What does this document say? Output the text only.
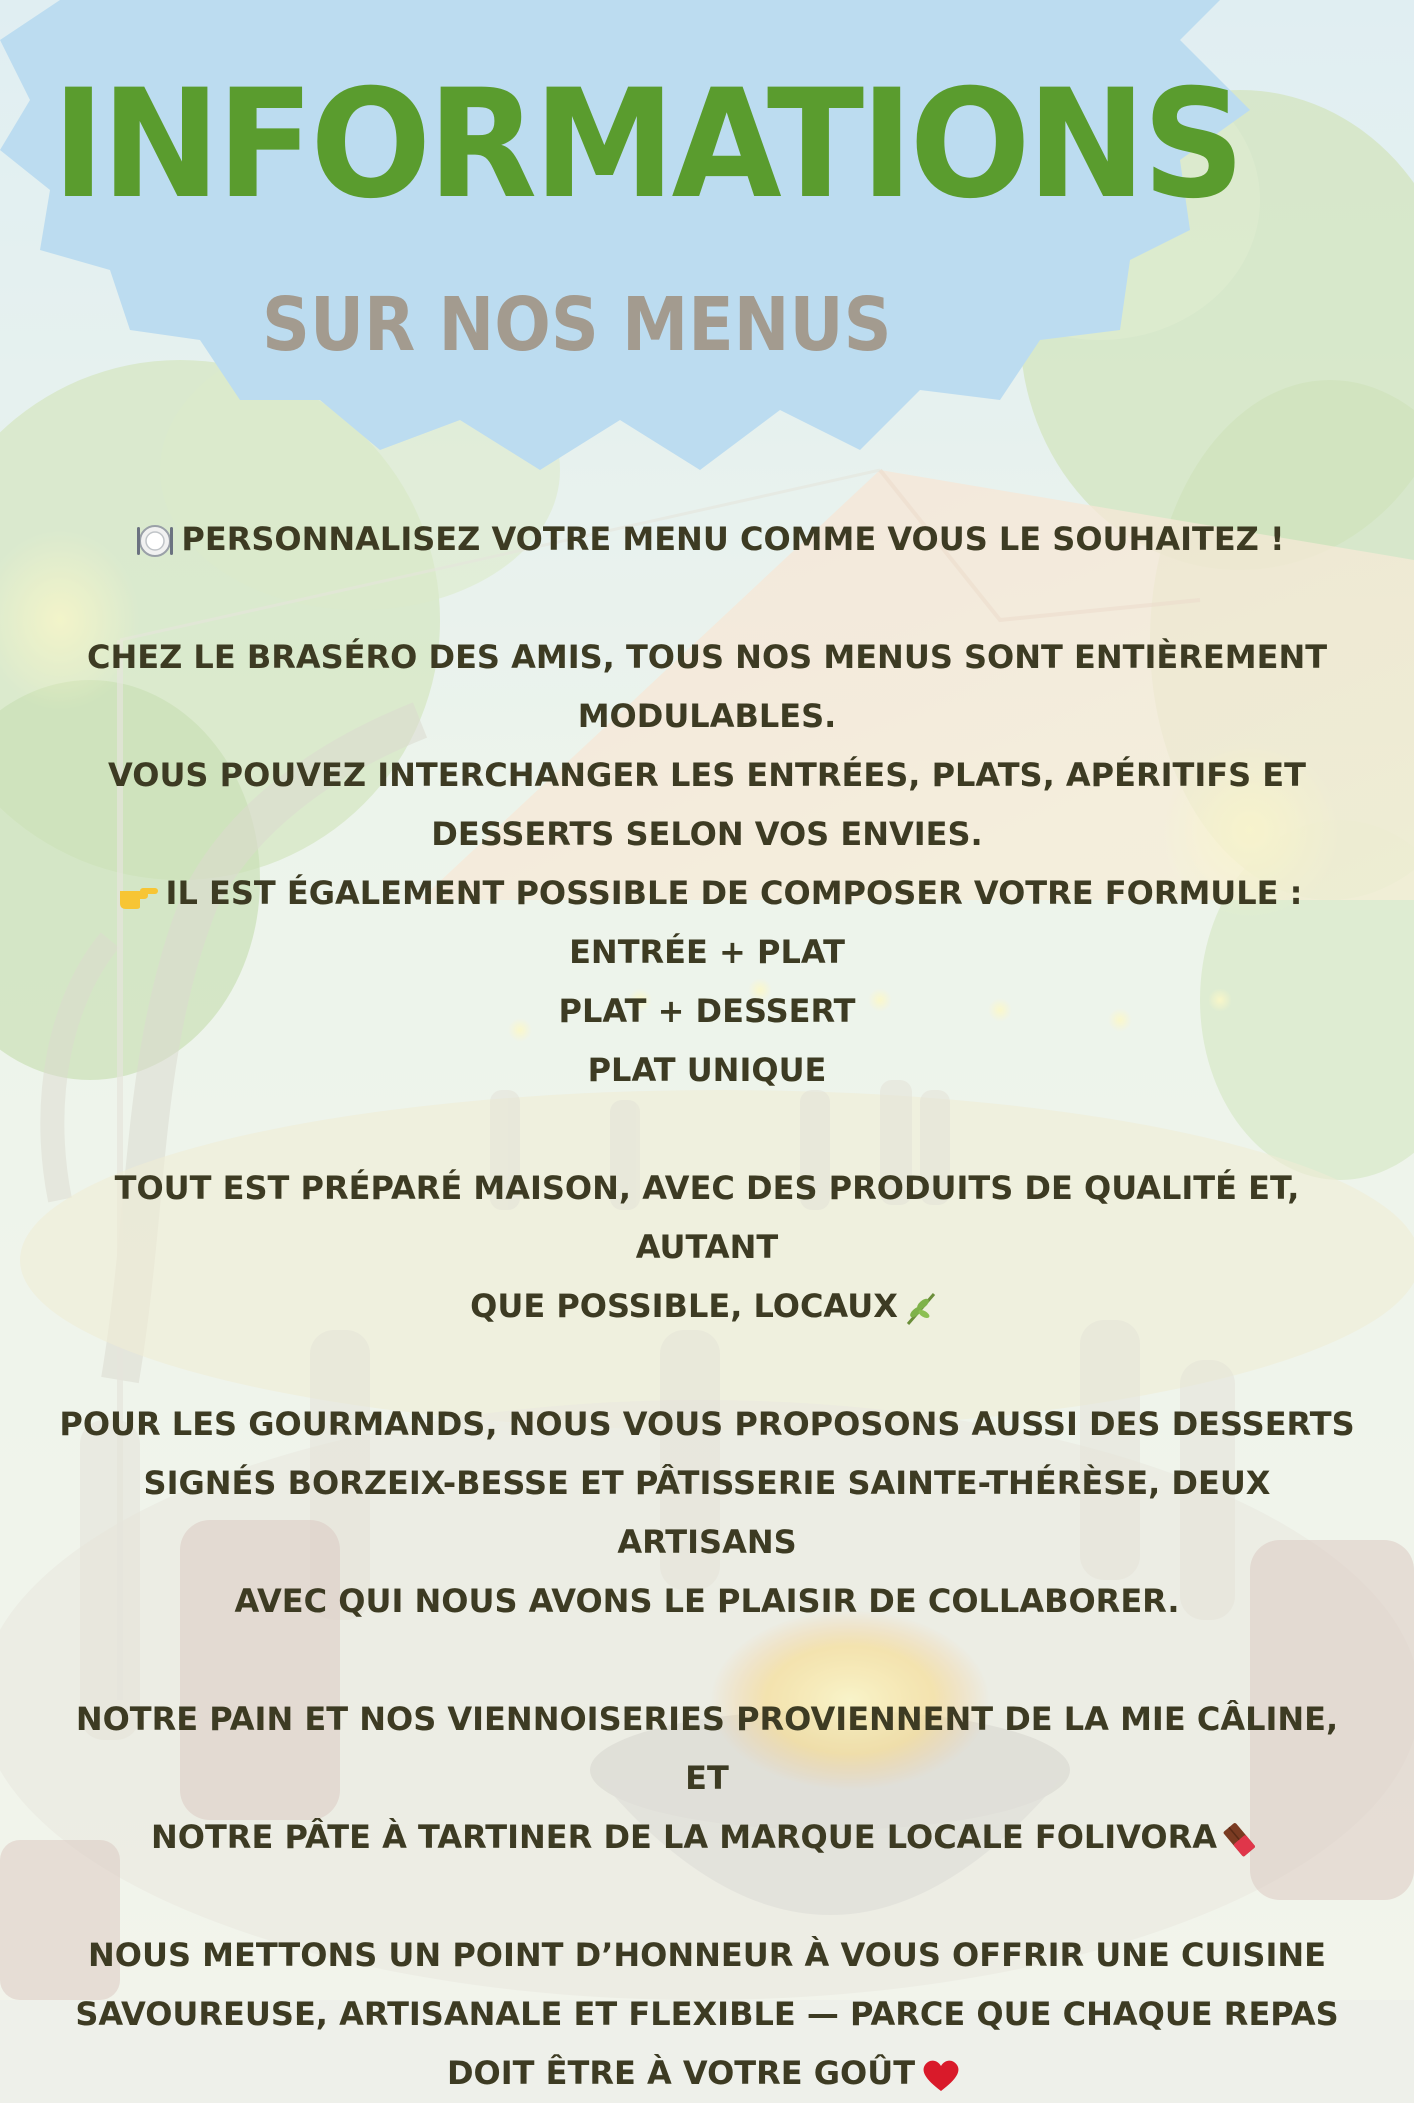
INFORMATIONS
SUR NOS MENUS

PERSONNALISEZ VOTRE MENU COMME VOUS LE SOUHAITEZ !

CHEZ LE BRASÉRO DES AMIS, TOUS NOS MENUS SONT ENTIÈREMENT

MODULABLES.

VOUS POUVEZ INTERCHANGER LES ENTRÉES, PLATS, APÉRITIFS ET

DESSERTS SELON VOS ENVIES.

IL EST ÉGALEMENT POSSIBLE DE COMPOSER VOTRE FORMULE :

ENTRÉE + PLAT

PLAT + DESSERT

PLAT UNIQUE

TOUT EST PRÉPARÉ MAISON, AVEC DES PRODUITS DE QUALITÉ ET, AUTANT

QUE POSSIBLE, LOCAUX

POUR LES GOURMANDS, NOUS VOUS PROPOSONS AUSSI DES DESSERTS

SIGNÉS BORZEIX-BESSE ET PÂTISSERIE SAINTE-THÉRÈSE, DEUX ARTISANS

AVEC QUI NOUS AVONS LE PLAISIR DE COLLABORER.

NOTRE PAIN ET NOS VIENNOISERIES PROVIENNENT DE LA MIE CÂLINE, ET

NOTRE PÂTE À TARTINER DE LA MARQUE LOCALE FOLIVORA

NOUS METTONS UN POINT D’HONNEUR À VOUS OFFRIR UNE CUISINE

SAVOUREUSE, ARTISANALE ET FLEXIBLE — PARCE QUE CHAQUE REPAS

DOIT ÊTRE À VOTRE GOÛT
